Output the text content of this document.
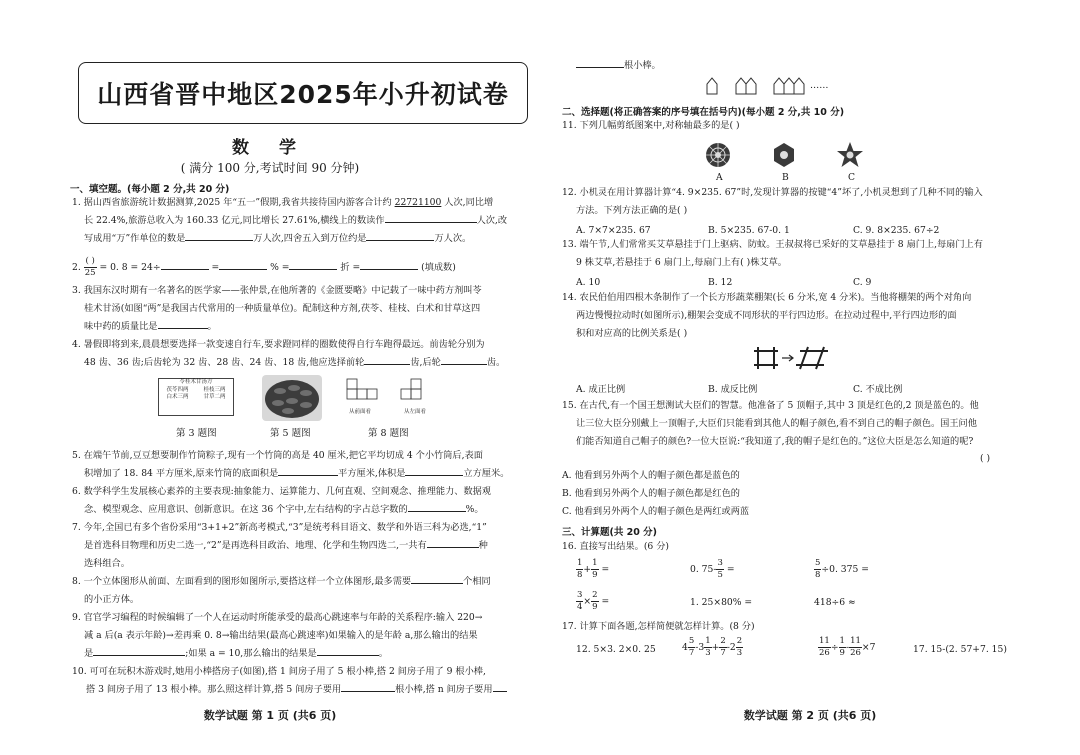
山西省晋中地区2025年小升初试卷
数 学
( 满分 100 分,考试时间 90 分钟)
一、填空题。(每小题 2 分,共 20 分)
1. 据山西省旅游统计数据测算,2025 年“五一”假期,我省共接待国内游客合计约 22721100 人次,同比增
长 22.4%,旅游总收入为 160.33 亿元,同比增长 27.61%,横线上的数读作	人次,改
写成用“万”作单位的数是	万人次,四舍五入到万位约是	万人次。
2. $\frac{( )}{25} = 0$. 8 = 24÷	=	% =	折 =	(填成数)
3. 我国东汉时期有一名著名的医学家——张仲景,在他所著的《金匮要略》中记载了一味中药方剂叫苓
桂术甘汤(如图“两”是我国古代常用的一种质量单位)。配制这种方剂,茯苓、桂枝、白术和甘草这四
味中药的质量比是	。
4. 暑假即将到来,晨晨想要选择一款变速自行车,要求蹬同样的圈数使得自行车跑得最远。前齿轮分别为
48 齿、36 齿;后齿轮为 32 齿、28 齿、24 齿、18 齿,他应选择前轮	齿,后轮	齿。
苓桂术甘汤方
茯苓四两	桂枝三两
白术三两	甘草二两
第 3 题图	第 5 题图
从前面看	从左面看
第 8 题图
5. 在端午节前,豆豆想要制作竹筒粽子,现有一个竹筒的高是 40 厘米,把它平均切成 4 个小竹筒后,表面
积增加了 18. 84 平方厘米,原来竹筒的底面积是	平方厘米,体积是	立方厘米。
6. 数学科学生发展核心素养的主要表现:抽象能力、运算能力、几何直观、空间观念、推理能力、数据观
念、模型观念、应用意识、创新意识。在这 36 个字中,左右结构的字占总字数的	%。
7. 今年,全国已有多个省份采用“3+1+2”新高考模式,“3”是统考科目语文、数学和外语三科为必选,“1”
是首选科目物理和历史二选一,“2”是再选科目政治、地理、化学和生物四选二,一共有	种
选科组合。
8. 一个立体图形从前面、左面看到的图形如图所示,要搭这样一个立体图形,最多需要	个相同
的小正方体。
9. 官官学习编程的时候编辑了一个人在运动时所能承受的最高心跳速率与年龄的关系程序:输入 220→
减 a 后(a 表示年龄)→差再乘 0. 8→输出结果(最高心跳速率)如果输入的是年龄 a,那么输出的结果
是	;如果 a = 10,那么输出的结果是	。
10. 可可在玩积木游戏时,她用小棒搭房子(如图),搭 1 间房子用了 5 根小棒,搭 2 间房子用了 9 根小棒,
搭 3 间房子用了 13 根小棒。那么照这样计算,搭 5 间房子要用	根小棒,搭 n 间房子要用
数学试题 第 1 页 (共6 页)
根小棒。
……
二、选择题(将正确答案的序号填在括号内)(每小题 2 分,共 10 分)
11. 下列几幅剪纸图案中,对称轴最多的是( )
A	B	C
12. 小机灵在用计算器计算“4. 9×235. 67”时,发现计算器的按键“4”坏了,小机灵想到了几种不同的输入
方法。下列方法正确的是( )
A. 7×7×235. 67	B. 5×235. 67-0. 1	C. 9. 8×235. 67÷2
13. 端午节,人们常常买艾草悬挂于门上驱病、防蚊。王叔叔将已采好的艾草悬挂于 8 扇门上,每扇门上有
9 株艾草,若悬挂于 6 扇门上,每扇门上有( )株艾草。
A. 10	B. 12	C. 9
14. 农民伯伯用四根木条制作了一个长方形蔬菜棚架(长 6 分米,宽 4 分米)。当他将棚架的两个对角向
两边慢慢拉动时(如图所示),棚架会变成不同形状的平行四边形。在拉动过程中,平行四边形的面
积和对应高的比例关系是( )
A. 成正比例	B. 成反比例	C. 不成比例
15. 在古代,有一个国王想测试大臣们的智慧。他准备了 5 顶帽子,其中 3 顶是红色的,2 顶是蓝色的。他
让三位大臣分别戴上一顶帽子,大臣们只能看到其他人的帽子颜色,看不到自己的帽子颜色。国王问他
们能否知道自己帽子的颜色?一位大臣说:“我知道了,我的帽子是红色的。”这位大臣是怎么知道的呢?
( )
A. 他看到另外两个人的帽子颜色都是蓝色的
B. 他看到另外两个人的帽子颜色都是红色的
C. 他看到另外两个人的帽子颜色是两红或两蓝
三、计算题(共 20 分)
16. 直接写出结果。(6 分)
$\frac{1}{8} + \frac{1}{9}$ =	0. $75- \frac{3}{5}$ =	$\frac{5}{8} \div 0$. 375 =
$\frac{3}{4} \times \frac{2}{9}$ =	1. 25×80% =	418÷6 ≈
17. 计算下面各题,怎样简便就怎样计算。(8 分)
12. 5×3. 2×0. 25	$4 \frac{5}{7} -3 \frac{1}{3} + \frac{2}{7} -2 \frac{2}{3}$	$\frac{11}{26} \div \frac{1}{9} - \frac{11}{26} \times 7$	17. 15-(2. 57+7. 15)
数学试题 第 2 页 (共6 页)
